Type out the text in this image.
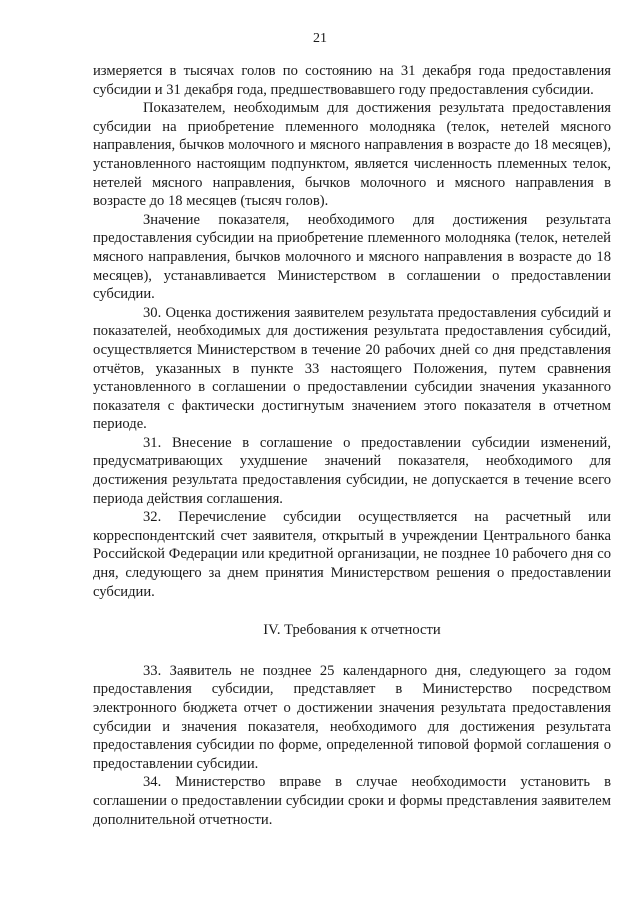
21

измеряется в тысячах голов по состоянию на 31 декабря года предоставления субсидии и 31 декабря года, предшествовавшего году предоставления субсидии.

Показателем, необходимым для достижения результата предоставления субсидии на приобретение племенного молодняка (телок, нетелей мясного направления, бычков молочного и мясного направления в возрасте до 18 месяцев), установленного настоящим подпунктом, является численность племенных телок, нетелей мясного направления, бычков молочного и мясного направления в возрасте до 18 месяцев (тысяч голов).

Значение показателя, необходимого для достижения результата предоставления субсидии на приобретение племенного молодняка (телок, нетелей мясного направления, бычков молочного и мясного направления в возрасте до 18 месяцев), устанавливается Министерством в соглашении о предоставлении субсидии.

30. Оценка достижения заявителем результата предоставления субсидий и показателей, необходимых для достижения результата предоставления субсидий, осуществляется Министерством в течение 20 рабочих дней со дня представления отчётов, указанных в пункте 33 настоящего Положения, путем сравнения установленного в соглашении о предоставлении субсидии значения указанного показателя с фактически достигнутым значением этого показателя в отчетном периоде.

31. Внесение в соглашение о предоставлении субсидии изменений, предусматривающих ухудшение значений показателя, необходимого для достижения результата предоставления субсидии, не допускается в течение всего периода действия соглашения.

32. Перечисление субсидии осуществляется на расчетный или корреспондентский счет заявителя, открытый в учреждении Центрального банка Российской Федерации или кредитной организации, не позднее 10 рабочего дня со дня, следующего за днем принятия Министерством решения о предоставлении субсидии.

IV. Требования к отчетности

33. Заявитель не позднее 25 календарного дня, следующего за годом предоставления субсидии, представляет в Министерство посредством электронного бюджета отчет о достижении значения результата предоставления субсидии и значения показателя, необходимого для достижения результата предоставления субсидии по форме, определенной типовой формой соглашения о предоставлении субсидии.

34. Министерство вправе в случае необходимости установить в соглашении о предоставлении субсидии сроки и формы представления заявителем дополнительной отчетности.
